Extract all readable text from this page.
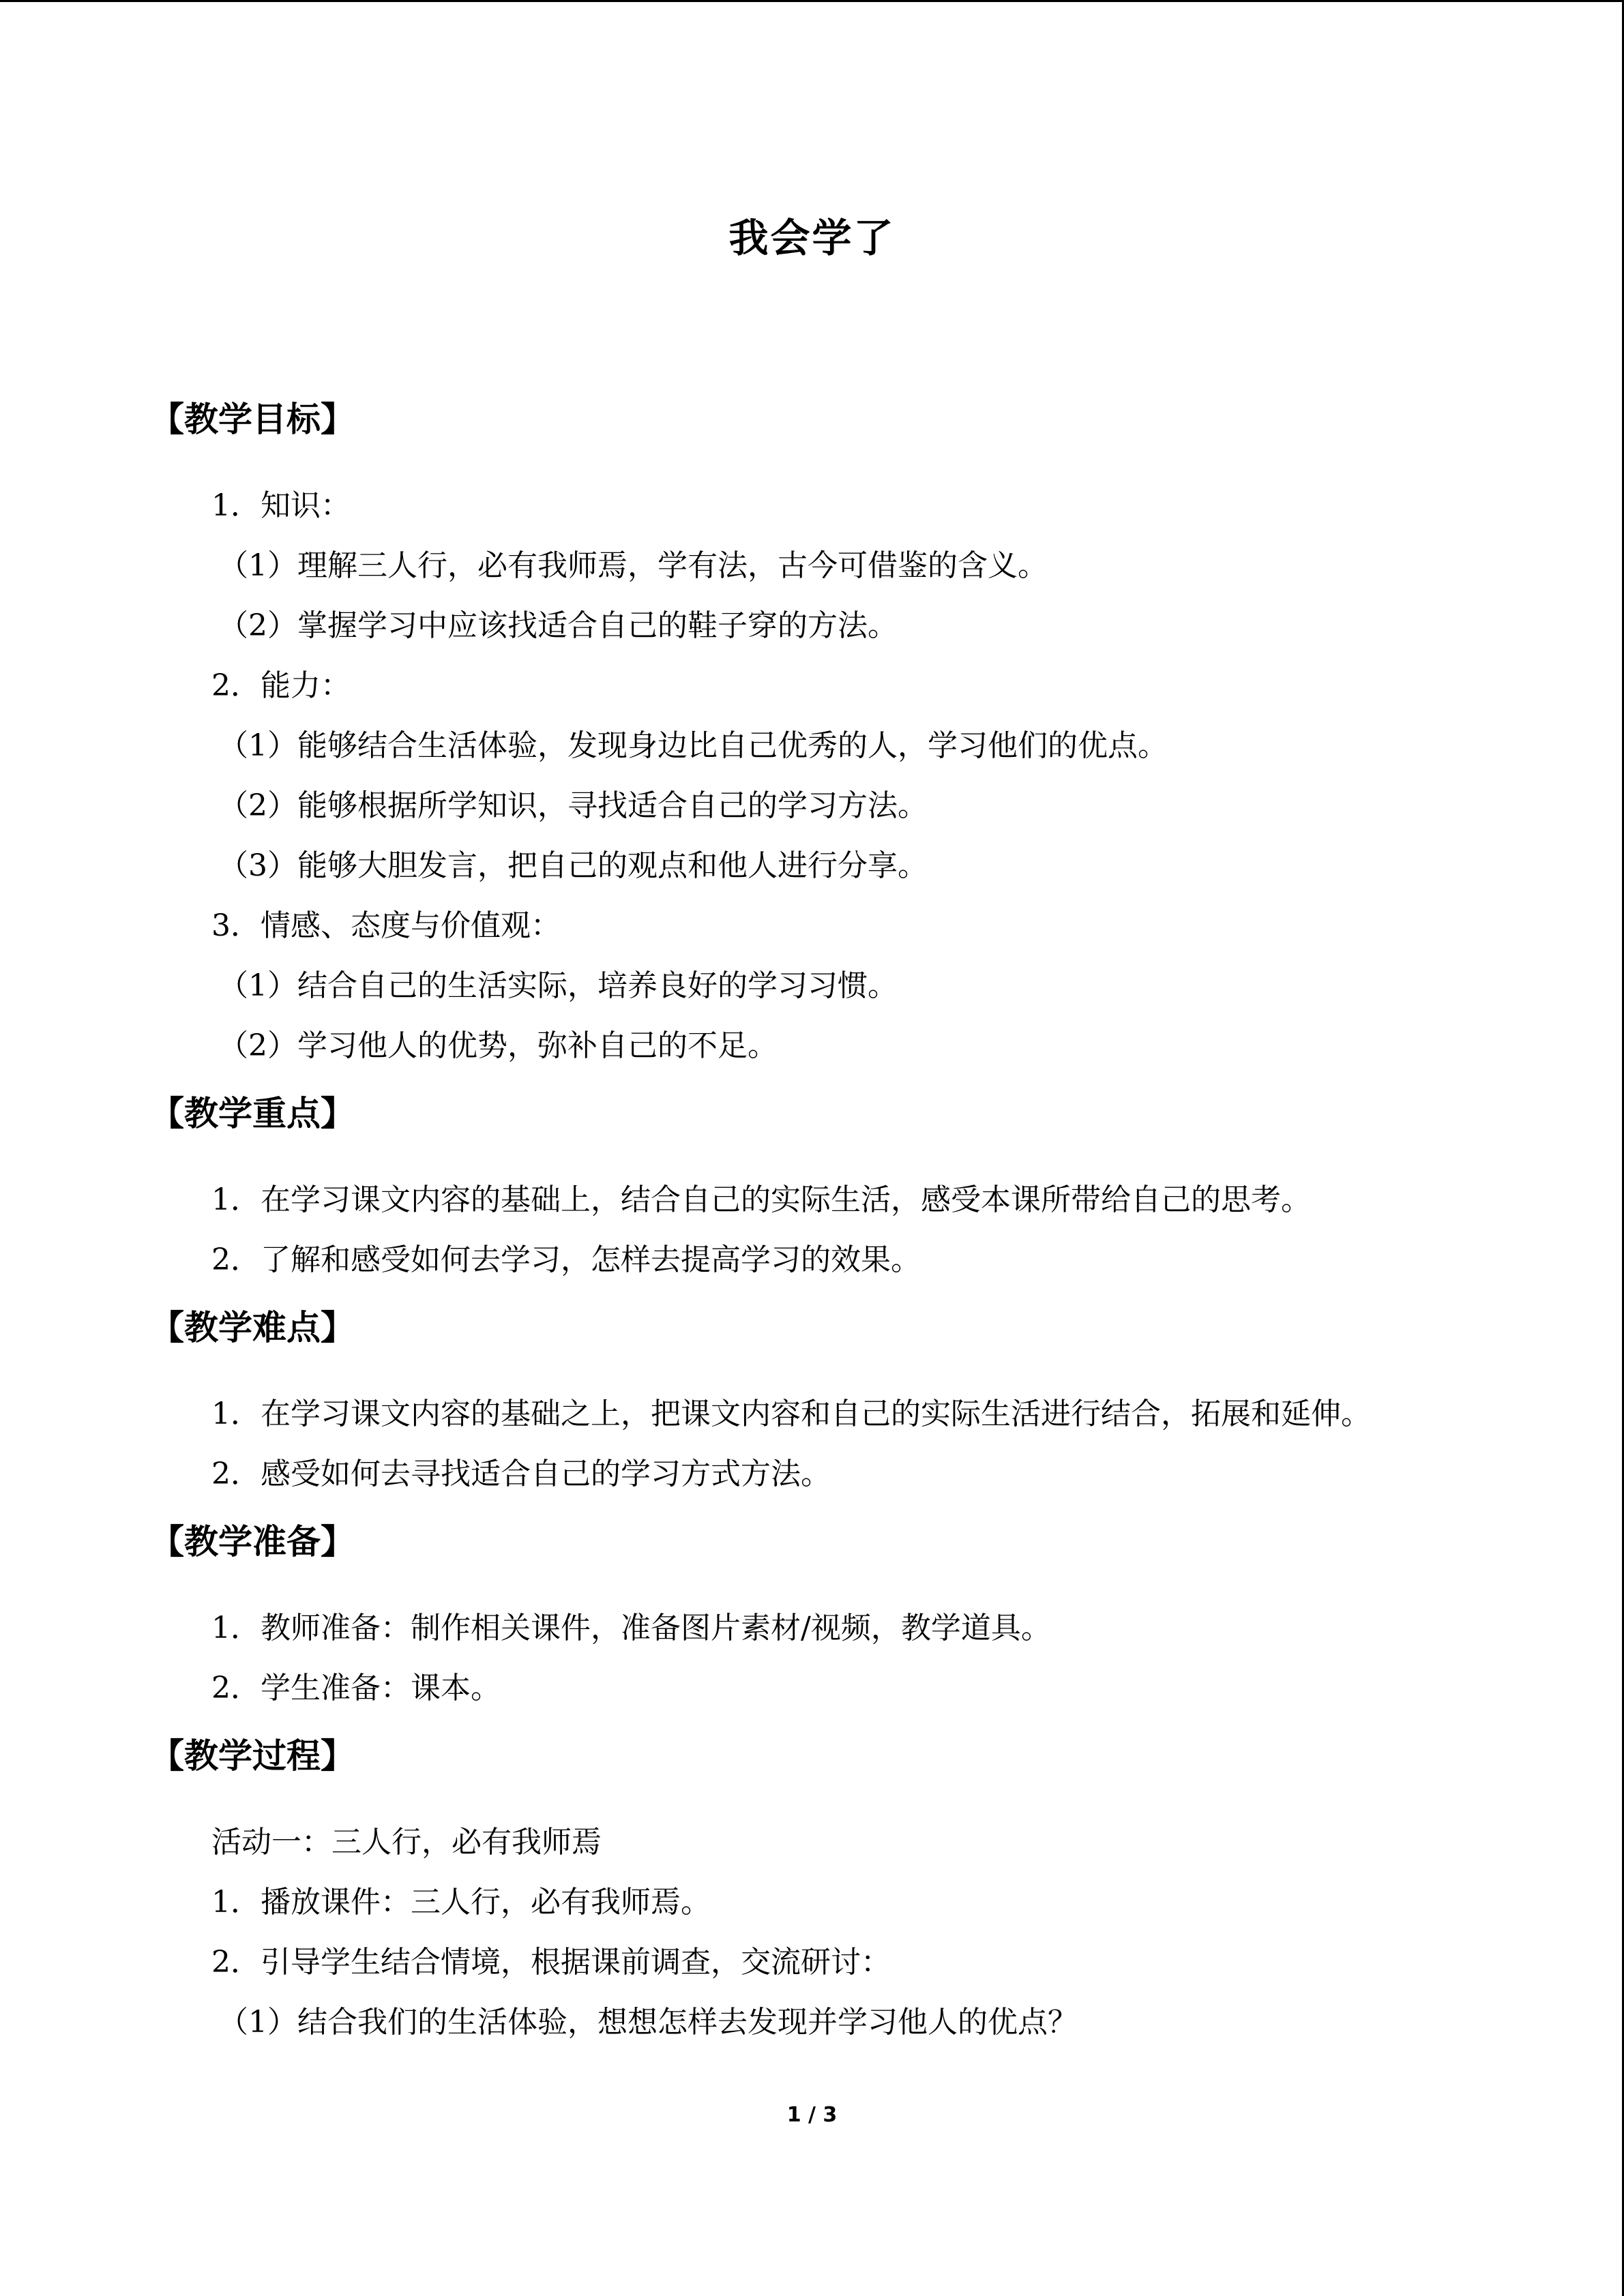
我会学了
【教学目标】
1．知识：
（1）理解三人行，必有我师焉，学有法，古今可借鉴的含义。
（2）掌握学习中应该找适合自己的鞋子穿的方法。
2．能力：
（1）能够结合生活体验，发现身边比自己优秀的人，学习他们的优点。
（2）能够根据所学知识，寻找适合自己的学习方法。
（3）能够大胆发言，把自己的观点和他人进行分享。
3．情感、态度与价值观：
（1）结合自己的生活实际，培养良好的学习习惯。
（2）学习他人的优势，弥补自己的不足。
【教学重点】
1．在学习课文内容的基础上，结合自己的实际生活，感受本课所带给自己的思考。
2．了解和感受如何去学习，怎样去提高学习的效果。
【教学难点】
1．在学习课文内容的基础之上，把课文内容和自己的实际生活进行结合，拓展和延伸。
2．感受如何去寻找适合自己的学习方式方法。
【教学准备】
1．教师准备：制作相关课件，准备图片素材/视频，教学道具。
2．学生准备：课本。
【教学过程】
活动一：三人行，必有我师焉
1．播放课件：三人行，必有我师焉。
2．引导学生结合情境，根据课前调查，交流研讨：
（1）结合我们的生活体验，想想怎样去发现并学习他人的优点？
1 / 3
